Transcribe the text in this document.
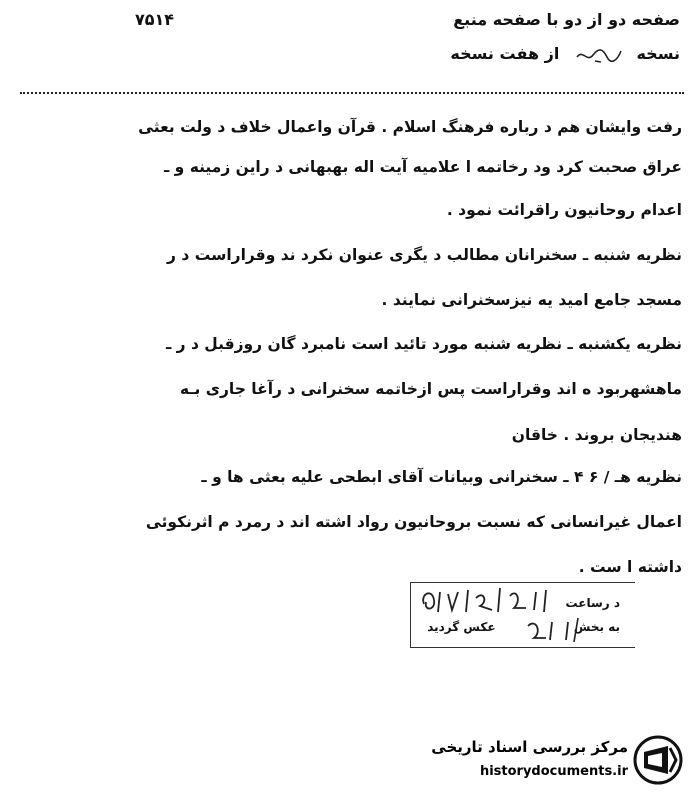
صفحه دو از دو با صفحه منبع
۷۵۱۴
نسخه  از هفت نسخه
رفت وایشان هم د رباره فرهنگ اسلام . قرآن واعمال خلاف د ولت بعثی
عراق صحبت کرد ود رخاتمه ا علامیه آیت اله بهبهانی د راین زمینه و ـ
اعدام روحانیون راقرائت نمود .
نظریه شنبه ـ سخنرانان مطالب د یگری عنوان نکرد ند وقراراست د ر
مسجد جامع امید یه نیزسخنرانی نمایند .
نظریه یکشنبه ـ نظریه شنبه مورد تائید است نامبرد گان روزقبل د ر ـ
ماهشهربود ه اند وقراراست پس ازخاتمه سخنرانی د رآغا جاری بـه
هندیجان بروند . خاقان
نظریه هـ / ۶ ۴ ـ سخنرانی وبیانات آقای ابطحی علیه بعثی ها و ـ
اعمال غیرانسانی که نسبت بروحانیون رواد اشته اند د رمرد م اثرنکوئی
داشته ا ست .
د رساعت
به بخش  عکس گردید
مرکز بررسی اسناد تاریخی
historydocuments.ir
